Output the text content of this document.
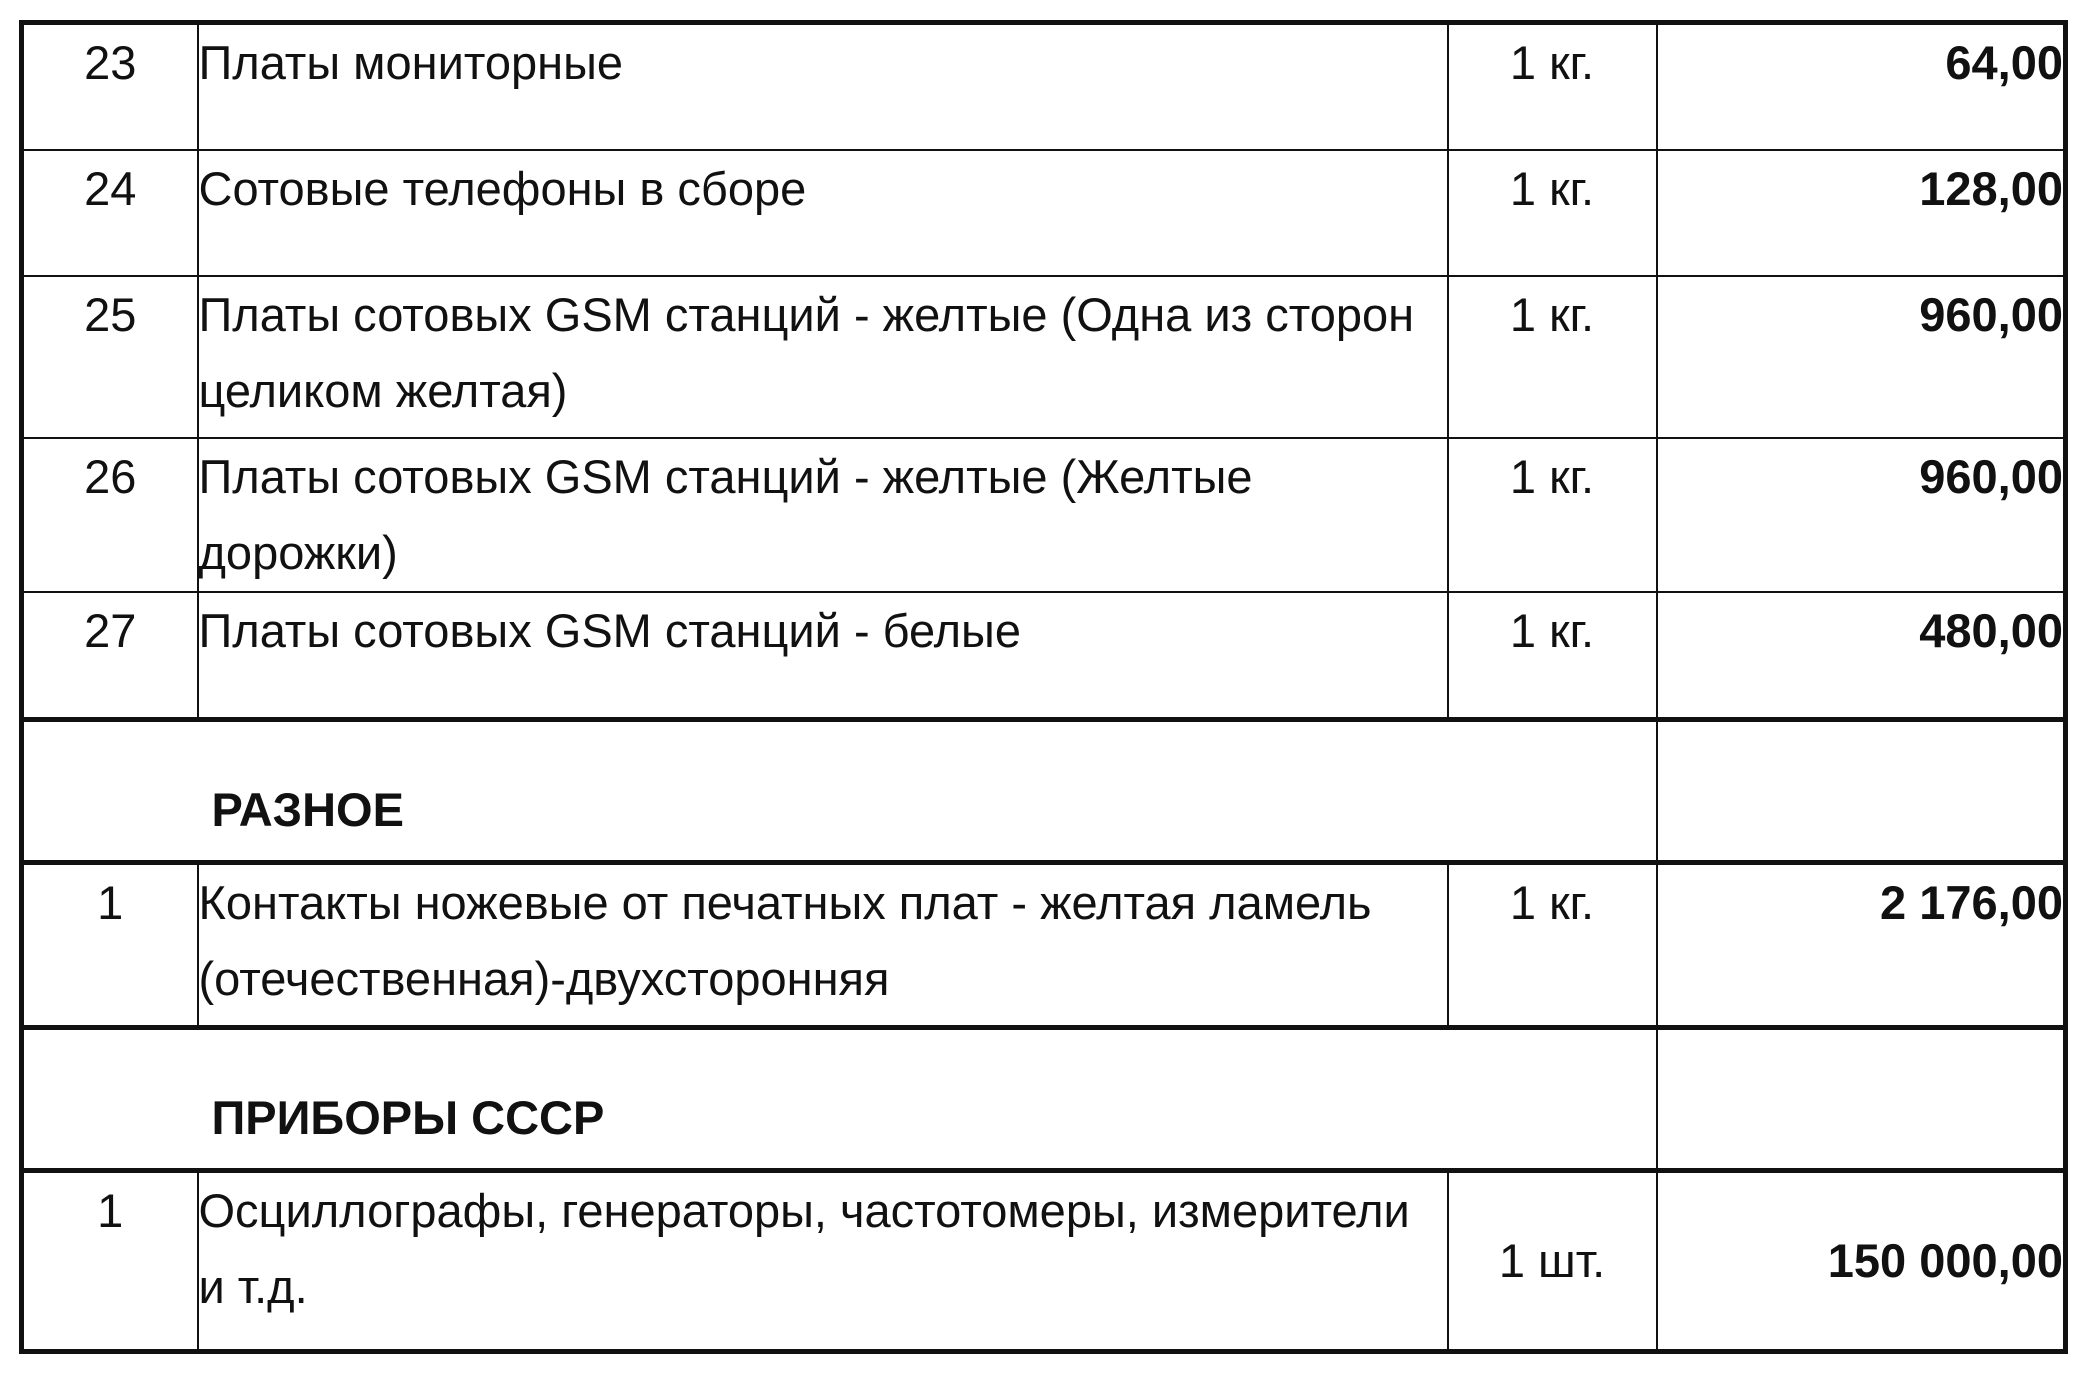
23	Платы мониторные	1 кг.	64,00
24	Сотовые телефоны в сборе	1 кг.	128,00
25	Платы сотовых GSM станций - желтые (Одна из сторон целиком желтая)	1 кг.	960,00
26	Платы сотовых GSM станций - желтые (Желтые дорожки)	1 кг.	960,00
27	Платы сотовых GSM станций - белые	1 кг.	480,00
	РАЗНОЕ		
1	Контакты ножевые от печатных плат - желтая ламель (отечественная)-двухсторонняя	1 кг.	2 176,00
	ПРИБОРЫ СССР		
1	Осциллографы, генераторы, частотомеры, измерители и т.д.	1 шт.	150 000,00
